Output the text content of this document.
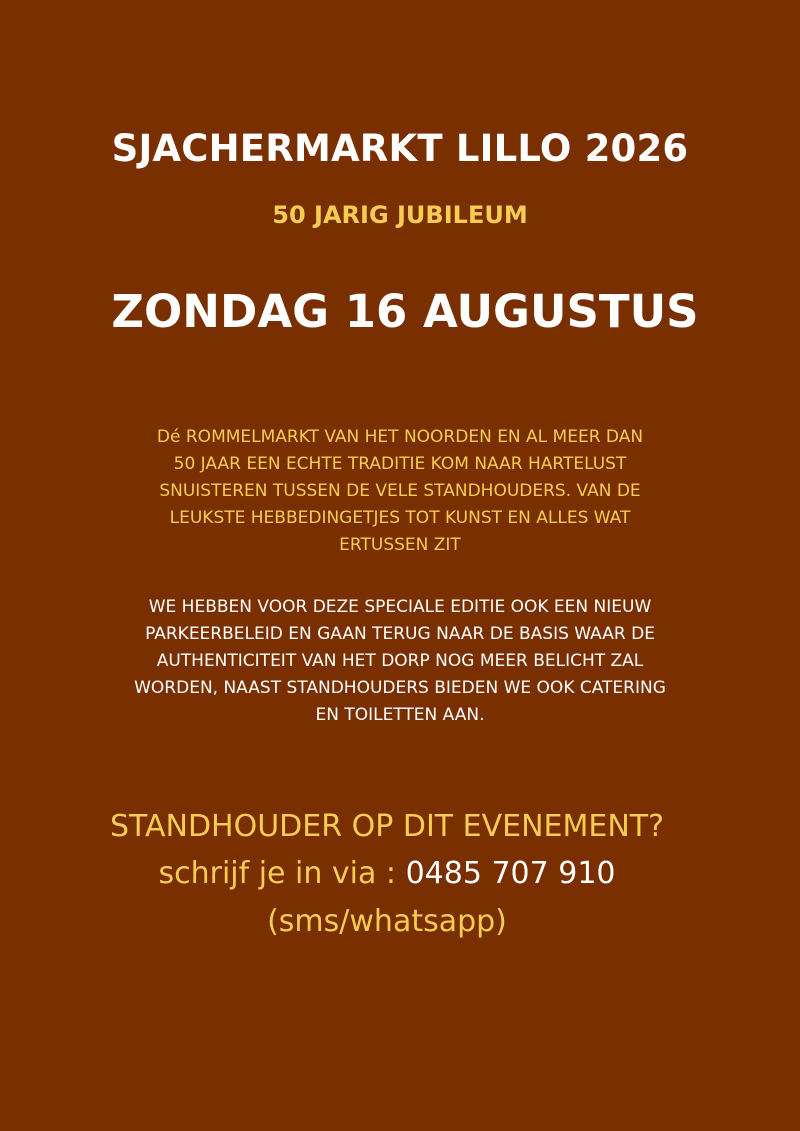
SJACHERMARKT LILLO 2026
50 JARIG JUBILEUM
ZONDAG 16 AUGUSTUS

Dé ROMMELMARKT VAN HET NOORDEN EN AL MEER DAN
50 JAAR EEN ECHTE TRADITIE KOM NAAR HARTELUST
SNUISTEREN TUSSEN DE VELE STANDHOUDERS. VAN DE
LEUKSTE HEBBEDINGETJES TOT KUNST EN ALLES WAT
ERTUSSEN ZIT

WE HEBBEN VOOR DEZE SPECIALE EDITIE OOK EEN NIEUW
PARKEERBELEID EN GAAN TERUG NAAR DE BASIS WAAR DE
AUTHENTICITEIT VAN HET DORP NOG MEER BELICHT ZAL
WORDEN, NAAST STANDHOUDERS BIEDEN WE OOK CATERING
EN TOILETTEN AAN.

STANDHOUDER OP DIT EVENEMENT?
schrijf je in via : 0485 707 910
(sms/whatsapp)
